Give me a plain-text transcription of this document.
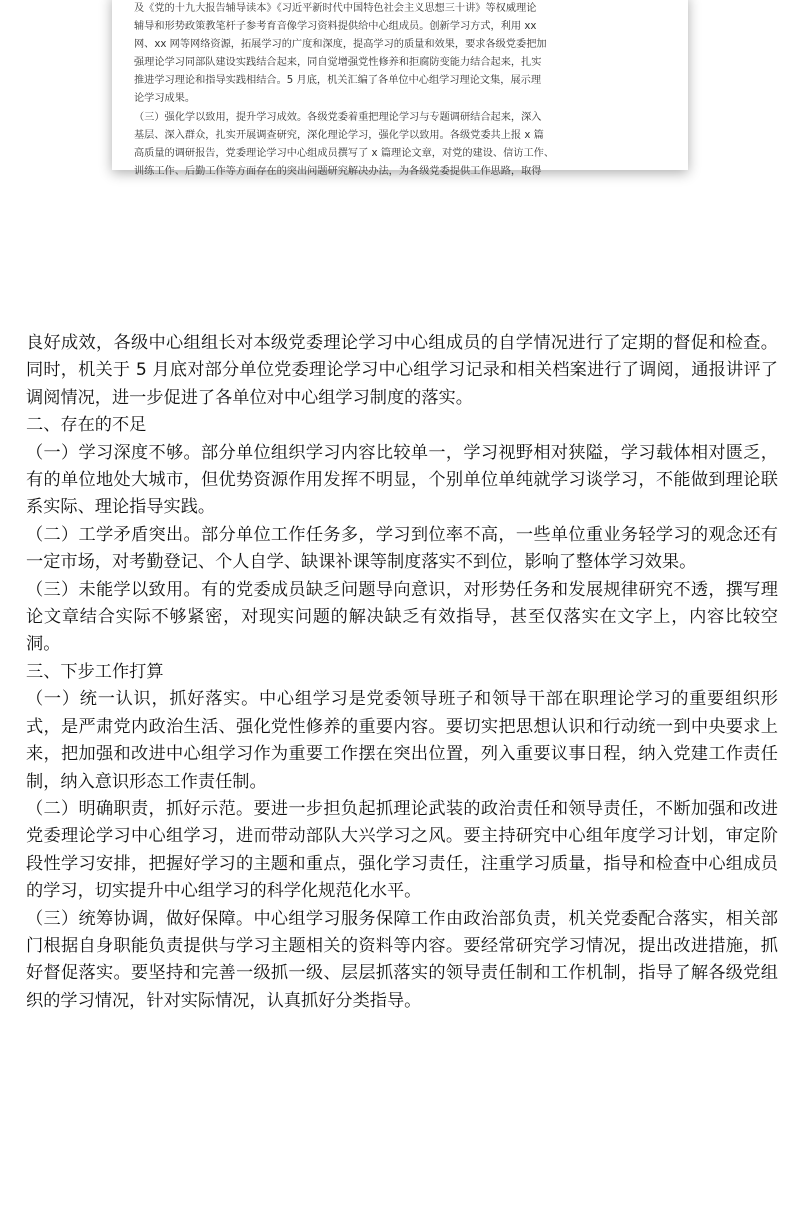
及《党的十九大报告辅导读本》《习近平新时代中国特色社会主义思想三十讲》等权威理论

辅导和形势政策教笔杆子参考育音像学习资料提供给中心组成员。创新学习方式，利用 xx

网、xx 网等网络资源，拓展学习的广度和深度，提高学习的质量和效果，要求各级党委把加

强理论学习同部队建设实践结合起来，同自觉增强党性修养和拒腐防变能力结合起来，扎实

推进学习理论和指导实践相结合。5 月底，机关汇编了各单位中心组学习理论文集，展示理

论学习成果。

（三）强化学以致用，提升学习成效。各级党委着重把理论学习与专题调研结合起来，深入

基层、深入群众，扎实开展调查研究，深化理论学习，强化学以致用。各级党委共上报 x 篇

高质量的调研报告，党委理论学习中心组成员撰写了 x 篇理论文章，对党的建设、信访工作、

训练工作、后勤工作等方面存在的突出问题研究解决办法，为各级党委提供工作思路，取得

良好成效，各级中心组组长对本级党委理论学习中心组成员的自学情况进行了定期的督促和检查。同时，机关于 5 月底对部分单位党委理论学习中心组学习记录和相关档案进行了调阅，通报讲评了调阅情况，进一步促进了各单位对中心组学习制度的落实。

二、存在的不足

（一）学习深度不够。部分单位组织学习内容比较单一，学习视野相对狭隘，学习载体相对匮乏，有的单位地处大城市，但优势资源作用发挥不明显，个别单位单纯就学习谈学习，不能做到理论联系实际、理论指导实践。

（二）工学矛盾突出。部分单位工作任务多，学习到位率不高，一些单位重业务轻学习的观念还有一定市场，对考勤登记、个人自学、缺课补课等制度落实不到位，影响了整体学习效果。

（三）未能学以致用。有的党委成员缺乏问题导向意识，对形势任务和发展规律研究不透，撰写理论文章结合实际不够紧密，对现实问题的解决缺乏有效指导，甚至仅落实在文字上，内容比较空洞。

三、下步工作打算

（一）统一认识，抓好落实。中心组学习是党委领导班子和领导干部在职理论学习的重要组织形式，是严肃党内政治生活、强化党性修养的重要内容。要切实把思想认识和行动统一到中央要求上来，把加强和改进中心组学习作为重要工作摆在突出位置，列入重要议事日程，纳入党建工作责任制，纳入意识形态工作责任制。

（二）明确职责，抓好示范。要进一步担负起抓理论武装的政治责任和领导责任，不断加强和改进党委理论学习中心组学习，进而带动部队大兴学习之风。要主持研究中心组年度学习计划，审定阶段性学习安排，把握好学习的主题和重点，强化学习责任，注重学习质量，指导和检查中心组成员的学习，切实提升中心组学习的科学化规范化水平。

（三）统筹协调，做好保障。中心组学习服务保障工作由政治部负责，机关党委配合落实，相关部门根据自身职能负责提供与学习主题相关的资料等内容。要经常研究学习情况，提出改进措施，抓好督促落实。要坚持和完善一级抓一级、层层抓落实的领导责任制和工作机制，指导了解各级党组织的学习情况，针对实际情况，认真抓好分类指导。
